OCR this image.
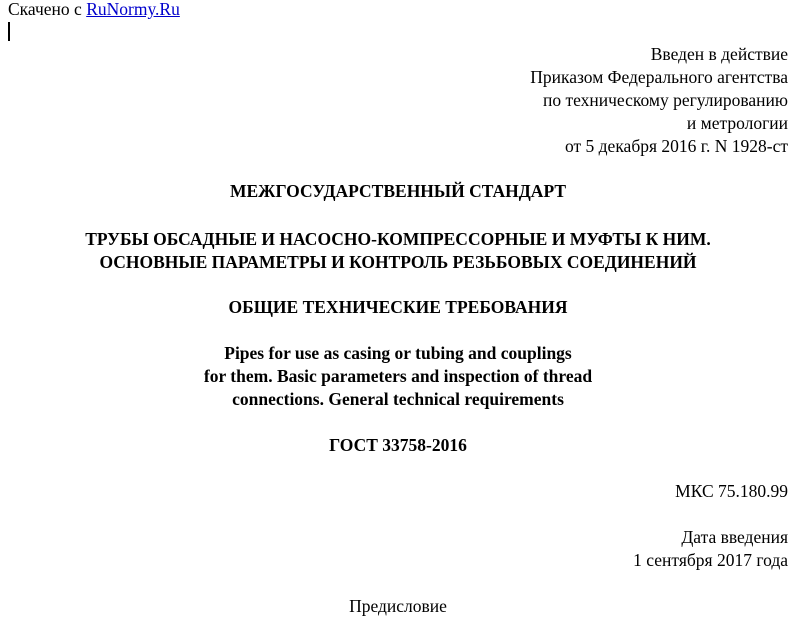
Скачено с RuNormy.Ru
Введен в действие
Приказом Федерального агентства
по техническому регулированию
и метрологии
от 5 декабря 2016 г. N 1928-ст
МЕЖГОСУДАРСТВЕННЫЙ СТАНДАРТ
ТРУБЫ ОБСАДНЫЕ И НАСОСНО-КОМПРЕССОРНЫЕ И МУФТЫ К НИМ.
ОСНОВНЫЕ ПАРАМЕТРЫ И КОНТРОЛЬ РЕЗЬБОВЫХ СОЕДИНЕНИЙ
ОБЩИЕ ТЕХНИЧЕСКИЕ ТРЕБОВАНИЯ
Pipes for use as casing or tubing and couplings
for them. Basic parameters and inspection of thread
connections. General technical requirements
ГОСТ 33758-2016
МКС 75.180.99
Дата введения
1 сентября 2017 года
Предисловие
